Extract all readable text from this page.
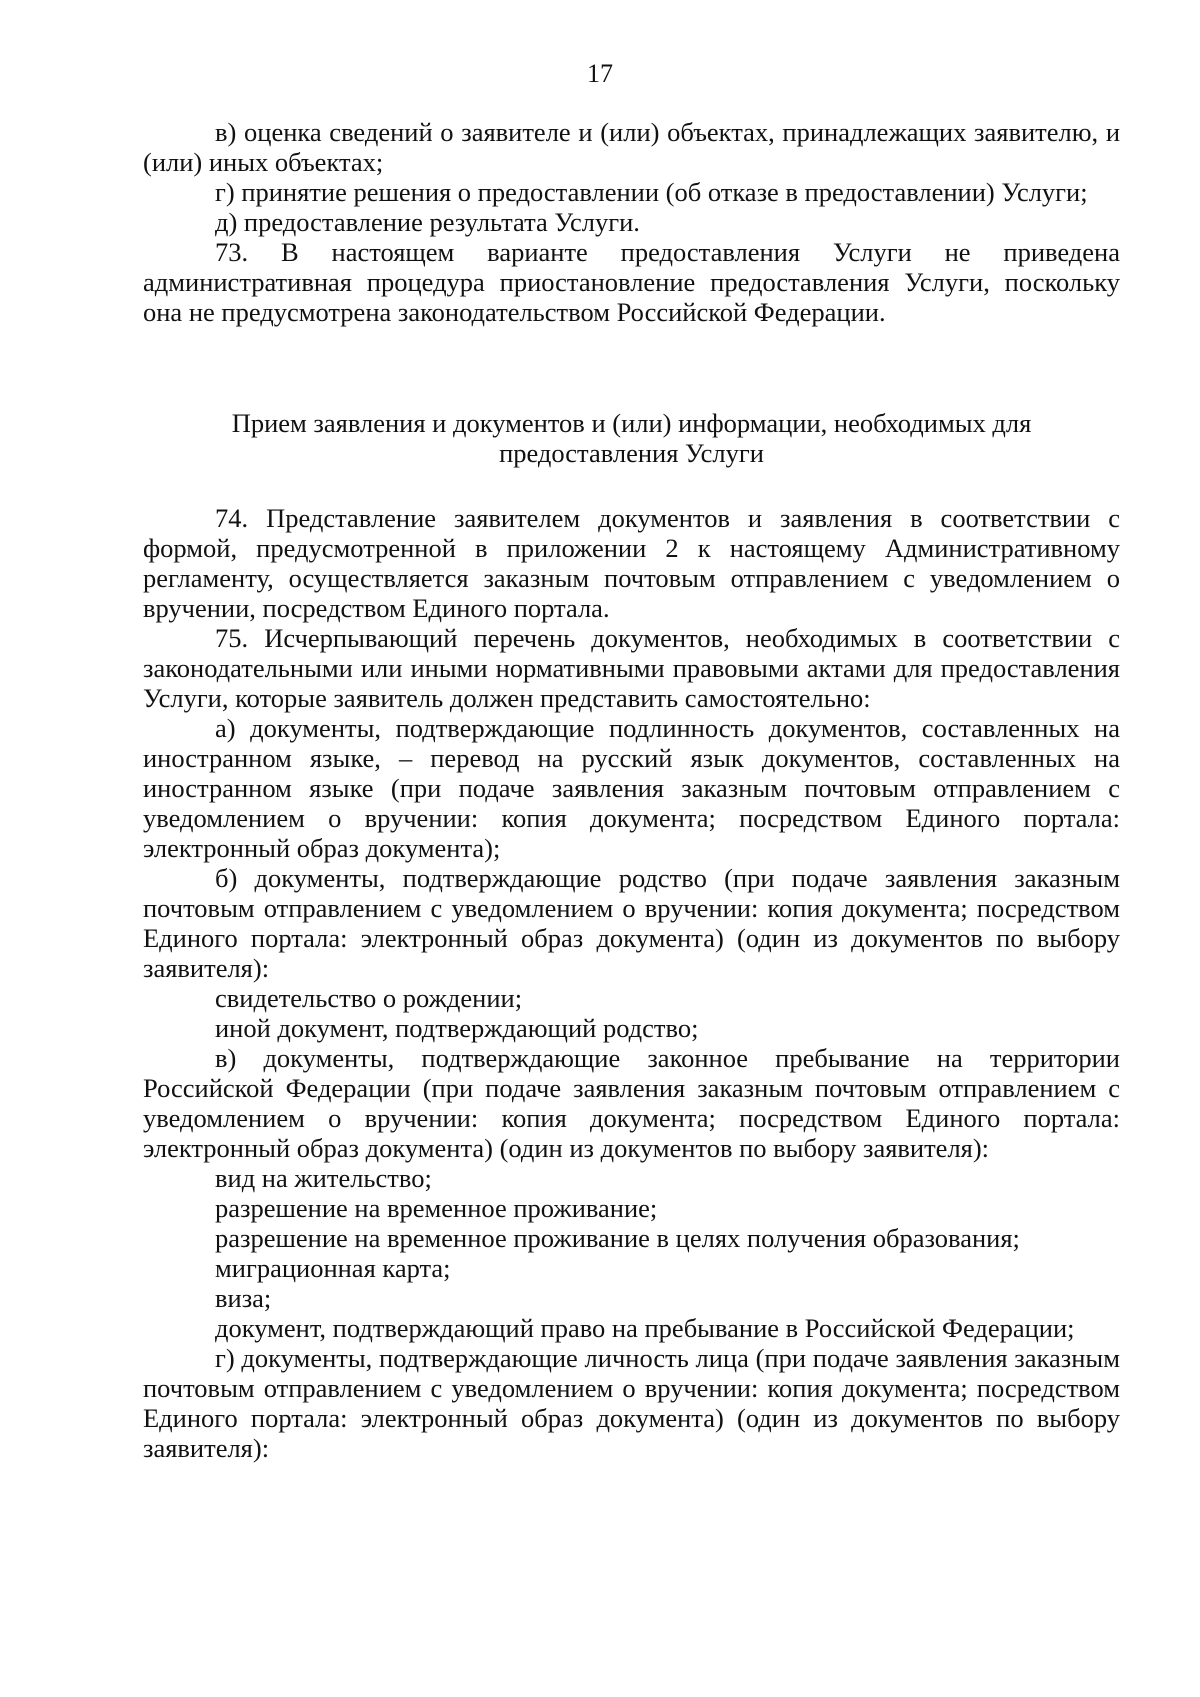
17

в) оценка сведений о заявителе и (или) объектах, принадлежащих заявителю, и (или) иных объектах;

г) принятие решения о предоставлении (об отказе в предоставлении) Услуги;

д) предоставление результата Услуги.

73. В настоящем варианте предоставления Услуги не приведена административная процедура приостановление предоставления Услуги, поскольку она не предусмотрена законодательством Российской Федерации.

Прием заявления и документов и (или) информации, необходимых для предоставления Услуги

74. Представление заявителем документов и заявления в соответствии с формой, предусмотренной в приложении 2 к настоящему Административному регламенту, осуществляется заказным почтовым отправлением с уведомлением о вручении, посредством Единого портала.

75. Исчерпывающий перечень документов, необходимых в соответствии с законодательными или иными нормативными правовыми актами для предоставления Услуги, которые заявитель должен представить самостоятельно:

а) документы, подтверждающие подлинность документов, составленных на иностранном языке, – перевод на русский язык документов, составленных на иностранном языке (при подаче заявления заказным почтовым отправлением с уведомлением о вручении: копия документа; посредством Единого портала: электронный образ документа);

б) документы, подтверждающие родство (при подаче заявления заказным почтовым отправлением с уведомлением о вручении: копия документа; посредством Единого портала: электронный образ документа) (один из документов по выбору заявителя):

свидетельство о рождении;

иной документ, подтверждающий родство;

в) документы, подтверждающие законное пребывание на территории Российской Федерации (при подаче заявления заказным почтовым отправлением с уведомлением о вручении: копия документа; посредством Единого портала: электронный образ документа) (один из документов по выбору заявителя):

вид на жительство;

разрешение на временное проживание;

разрешение на временное проживание в целях получения образования;

миграционная карта;

виза;

документ, подтверждающий право на пребывание в Российской Федерации;

г) документы, подтверждающие личность лица (при подаче заявления заказным почтовым отправлением с уведомлением о вручении: копия документа; посредством Единого портала: электронный образ документа) (один из документов по выбору заявителя):
